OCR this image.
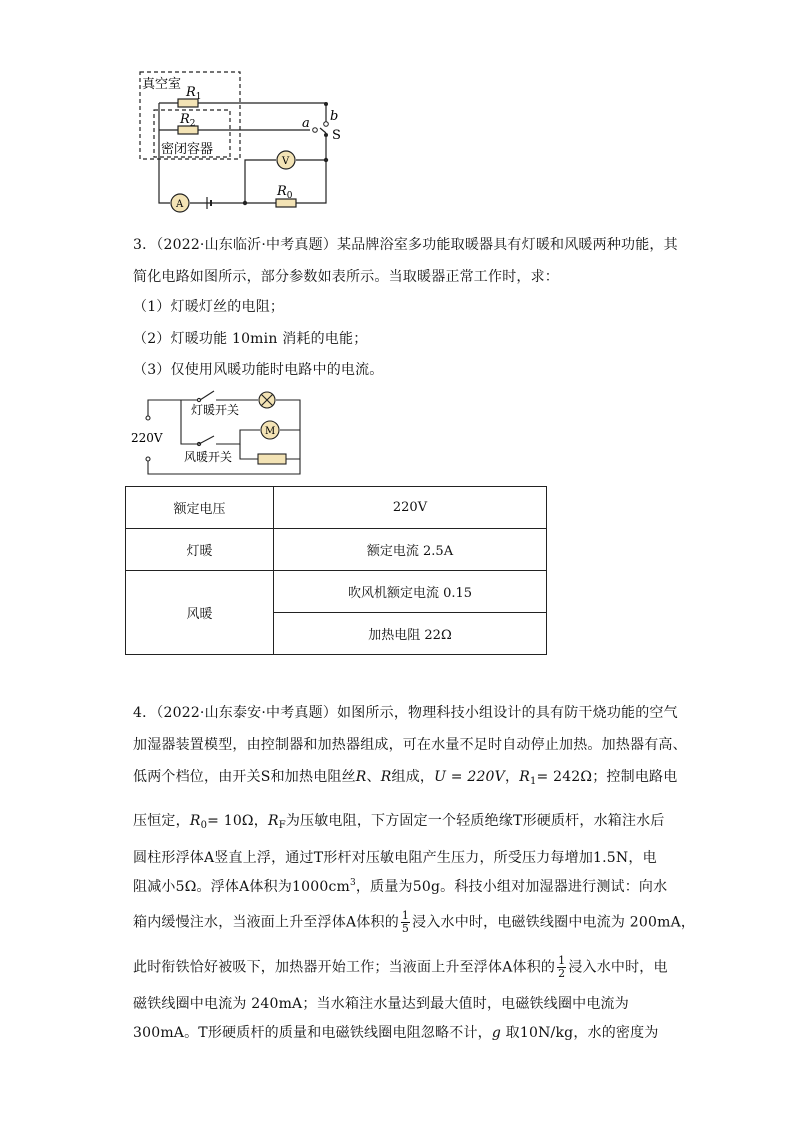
真空室
$R_1$
$R_2$
密闭容器
a b
S
V
A
$R_0$
3．（2022·山东临沂·中考真题）某品牌浴室多功能取暖器具有灯暖和风暖两种功能，其
简化电路如图所示，部分参数如表所示。当取暖器正常工作时，求：
（1）灯暖灯丝的电阻；
（2）灯暖功能 10min 消耗的电能；
（3）仅使用风暖功能时电路中的电流。
灯暖开关
220V	M
风暖开关
额定电压	220V
灯暖	额定电流 2.5A
风暖	吹风机额定电流 0.15
	加热电阻 22Ω
4．（2022·山东泰安·中考真题）如图所示，物理科技小组设计的具有防干烧功能的空气
加湿器装置模型，由控制器和加热器组成，可在水量不足时自动停止加热。加热器有高、
低两个档位，由开关S和加热电阻丝R、R组成，U = 220V，$R_1= 242\Omega$；控制电路电
压恒定，$R_0= 10\Omega$，$R_F$为压敏电阻，下方固定一个轻质绝缘T形硬质杆，水箱注水后
圆柱形浮体A竖直上浮，通过T形杆对压敏电阻产生压力，所受压力每增加1.5N，电
阻减小5Ω。浮体A体积为$1000cm^3$，质量为50g。科技小组对加湿器进行测试：向水
箱内缓慢注水，当液面上升至浮体A体积的 $\frac{1}{5}$ 浸入水中时，电磁铁线圈中电流为 200mA，
此时衔铁恰好被吸下，加热器开始工作；当液面上升至浮体A体积的 $\frac{1}{2}$ 浸入水中时，电
磁铁线圈中电流为 240mA；当水箱注水量达到最大值时，电磁铁线圈中电流为
300mA。T形硬质杆的质量和电磁铁线圈电阻忽略不计，g 取10N/kg，水的密度为
